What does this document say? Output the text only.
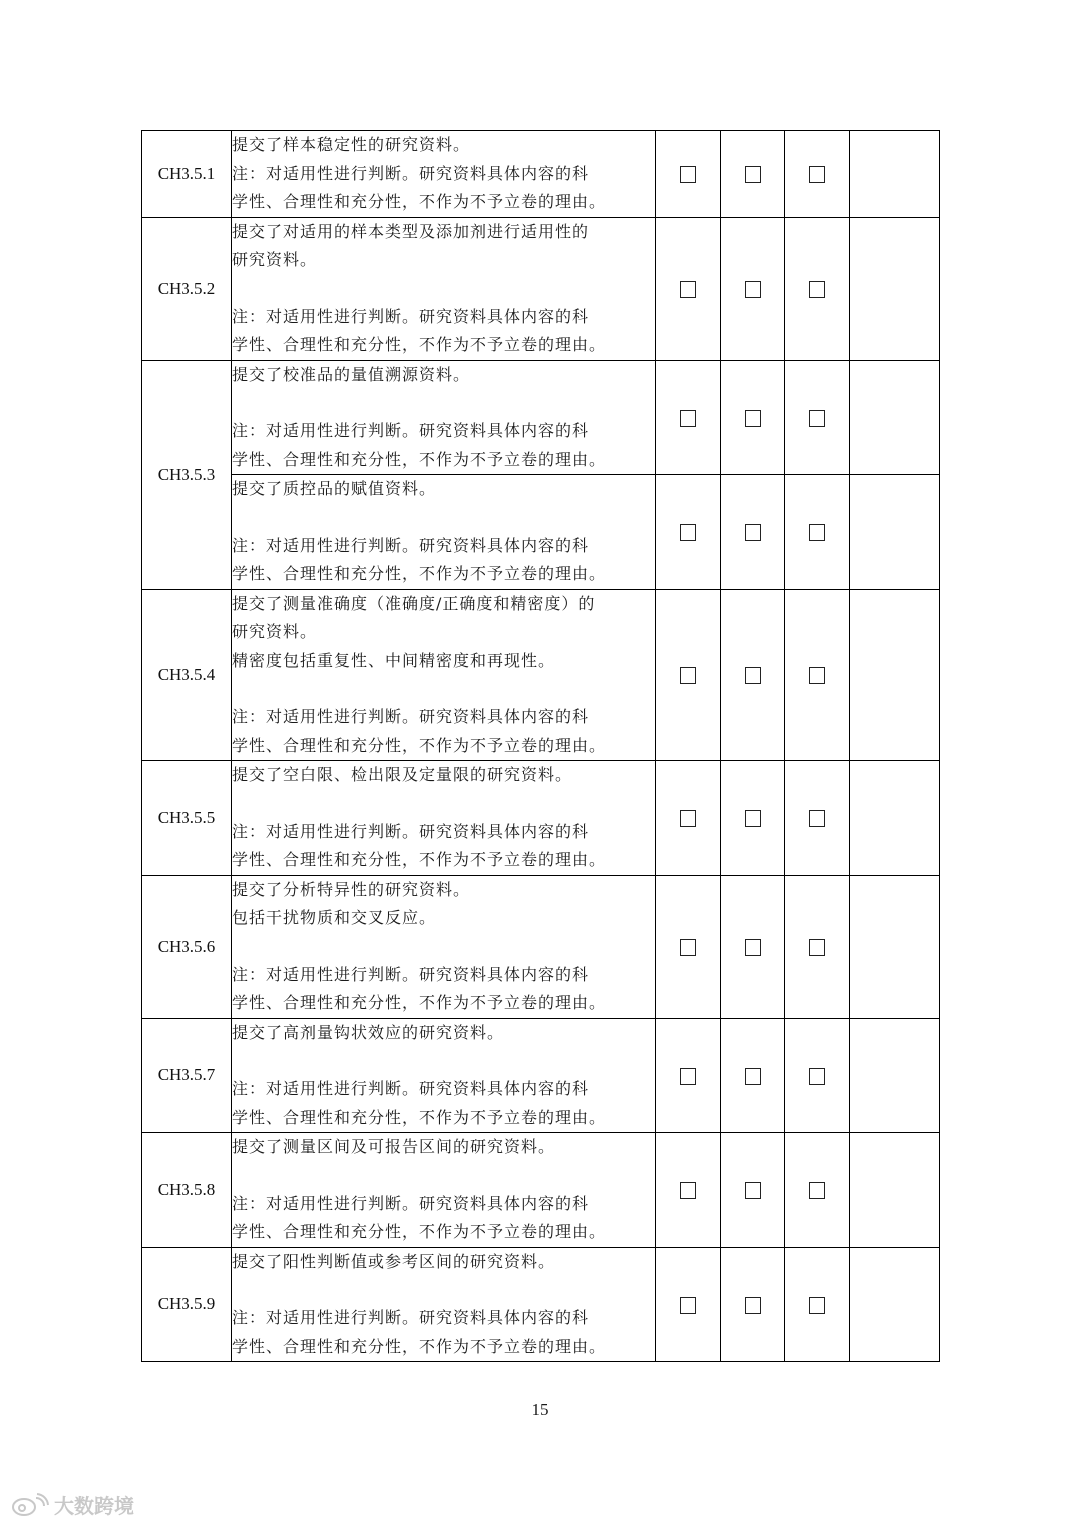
CH3.5.1	提交了样本稳定性的研究资料。
注：对适用性进行判断。研究资料具体内容的科
学性、合理性和充分性，不作为不予立卷的理由。				

CH3.5.2	提交了对适用的样本类型及添加剂进行适用性的
研究资料。
注：对适用性进行判断。研究资料具体内容的科
学性、合理性和充分性，不作为不予立卷的理由。				

CH3.5.3	提交了校准品的量值溯源资料。
注：对适用性进行判断。研究资料具体内容的科
学性、合理性和充分性，不作为不予立卷的理由。				

	提交了质控品的赋值资料。
注：对适用性进行判断。研究资料具体内容的科
学性、合理性和充分性，不作为不予立卷的理由。				

CH3.5.4	提交了测量准确度（准确度/正确度和精密度）的
研究资料。
精密度包括重复性、中间精密度和再现性。
注：对适用性进行判断。研究资料具体内容的科
学性、合理性和充分性，不作为不予立卷的理由。				

CH3.5.5	提交了空白限、检出限及定量限的研究资料。
注：对适用性进行判断。研究资料具体内容的科
学性、合理性和充分性，不作为不予立卷的理由。				

CH3.5.6	提交了分析特异性的研究资料。
包括干扰物质和交叉反应。
注：对适用性进行判断。研究资料具体内容的科
学性、合理性和充分性，不作为不予立卷的理由。				

CH3.5.7	提交了高剂量钩状效应的研究资料。
注：对适用性进行判断。研究资料具体内容的科
学性、合理性和充分性，不作为不予立卷的理由。				

CH3.5.8	提交了测量区间及可报告区间的研究资料。
注：对适用性进行判断。研究资料具体内容的科
学性、合理性和充分性，不作为不予立卷的理由。				

CH3.5.9	提交了阳性判断值或参考区间的研究资料。
注：对适用性进行判断。研究资料具体内容的科
学性、合理性和充分性，不作为不予立卷的理由。				

15
大数跨境
